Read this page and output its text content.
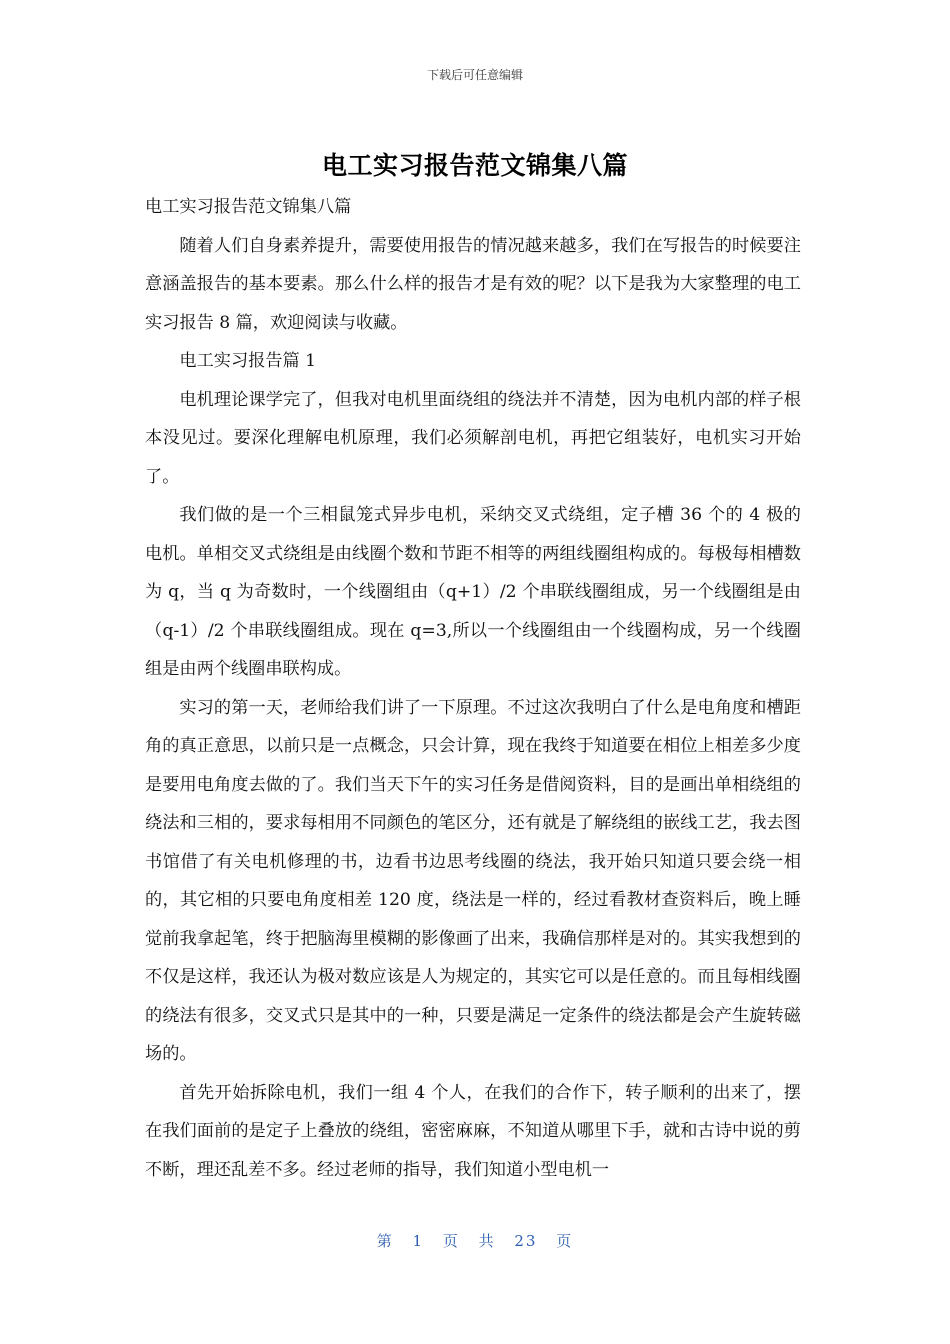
下载后可任意编辑
电工实习报告范文锦集八篇

电工实习报告范文锦集八篇

随着人们自身素养提升，需要使用报告的情况越来越多，我们在写报告的时候要注意涵盖报告的基本要素。那么什么样的报告才是有效的呢？以下是我为大家整理的电工实习报告 8 篇，欢迎阅读与收藏。

电工实习报告篇 1

电机理论课学完了，但我对电机里面绕组的绕法并不清楚，因为电机内部的样子根本没见过。要深化理解电机原理，我们必须解剖电机，再把它组装好，电机实习开始了。

我们做的是一个三相鼠笼式异步电机，采纳交叉式绕组，定子槽 36 个的 4 极的电机。单相交叉式绕组是由线圈个数和节距不相等的两组线圈组构成的。每极每相槽数为 q，当 q 为奇数时，一个线圈组由（q+1）/2 个串联线圈组成，另一个线圈组是由（q-1）/2 个串联线圈组成。现在 q=3,所以一个线圈组由一个线圈构成，另一个线圈组是由两个线圈串联构成。

实习的第一天，老师给我们讲了一下原理。不过这次我明白了什么是电角度和槽距角的真正意思，以前只是一点概念，只会计算，现在我终于知道要在相位上相差多少度是要用电角度去做的了。我们当天下午的实习任务是借阅资料，目的是画出单相绕组的绕法和三相的，要求每相用不同颜色的笔区分，还有就是了解绕组的嵌线工艺，我去图书馆借了有关电机修理的书，边看书边思考线圈的绕法，我开始只知道只要会绕一相的，其它相的只要电角度相差 120 度，绕法是一样的，经过看教材查资料后，晚上睡觉前我拿起笔，终于把脑海里模糊的影像画了出来，我确信那样是对的。其实我想到的不仅是这样，我还认为极对数应该是人为规定的，其实它可以是任意的。而且每相线圈的绕法有很多，交叉式只是其中的一种，只要是满足一定条件的绕法都是会产生旋转磁场的。

首先开始拆除电机，我们一组 4 个人，在我们的合作下，转子顺利的出来了，摆在我们面前的是定子上叠放的绕组，密密麻麻，不知道从哪里下手，就和古诗中说的剪不断，理还乱差不多。经过老师的指导，我们知道小型电机一

第 1 页 共 23 页
